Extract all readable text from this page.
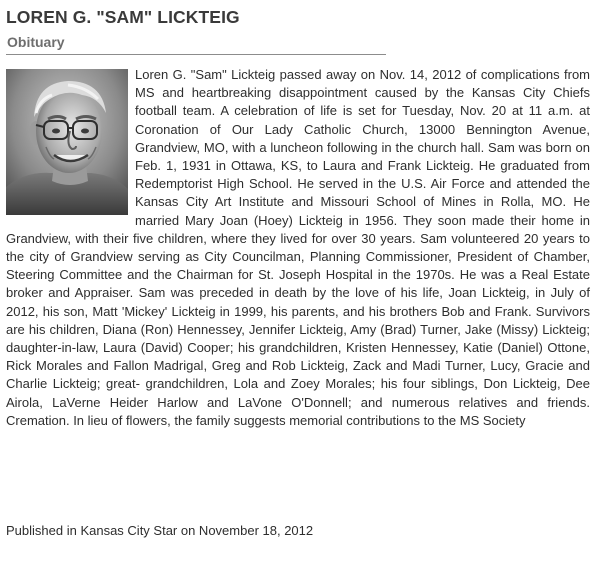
LOREN G. "SAM" LICKTEIG
Obituary
Loren G. "Sam" Lickteig passed away on Nov. 14, 2012 of complications from MS and heartbreaking disappointment caused by the Kansas City Chiefs football team. A celebration of life is set for Tuesday, Nov. 20 at 11 a.m. at Coronation of Our Lady Catholic Church, 13000 Bennington Avenue, Grandview, MO, with a luncheon following in the church hall. Sam was born on Feb. 1, 1931 in Ottawa, KS, to Laura and Frank Lickteig. He graduated from Redemptorist High School. He served in the U.S. Air Force and attended the Kansas City Art Institute and Missouri School of Mines in Rolla, MO. He married Mary Joan (Hoey) Lickteig in 1956. They soon made their home in Grandview, with their five children, where they lived for over 30 years. Sam volunteered 20 years to the city of Grandview serving as City Councilman, Planning Commissioner, President of Chamber, Steering Committee and the Chairman for St. Joseph Hospital in the 1970s. He was a Real Estate broker and Appraiser. Sam was preceded in death by the love of his life, Joan Lickteig, in July of 2012, his son, Matt 'Mickey' Lickteig in 1999, his parents, and his brothers Bob and Frank. Survivors are his children, Diana (Ron) Hennessey, Jennifer Lickteig, Amy (Brad) Turner, Jake (Missy) Lickteig; daughter-in-law, Laura (David) Cooper; his grandchildren, Kristen Hennessey, Katie (Daniel) Ottone, Rick Morales and Fallon Madrigal, Greg and Rob Lickteig, Zack and Madi Turner, Lucy, Gracie and Charlie Lickteig; great- grandchildren, Lola and Zoey Morales; his four siblings, Don Lickteig, Dee Airola, LaVerne Heider Harlow and LaVone O'Donnell; and numerous relatives and friends. Cremation. In lieu of flowers, the family suggests memorial contributions to the MS Society

Published in Kansas City Star on November 18, 2012
